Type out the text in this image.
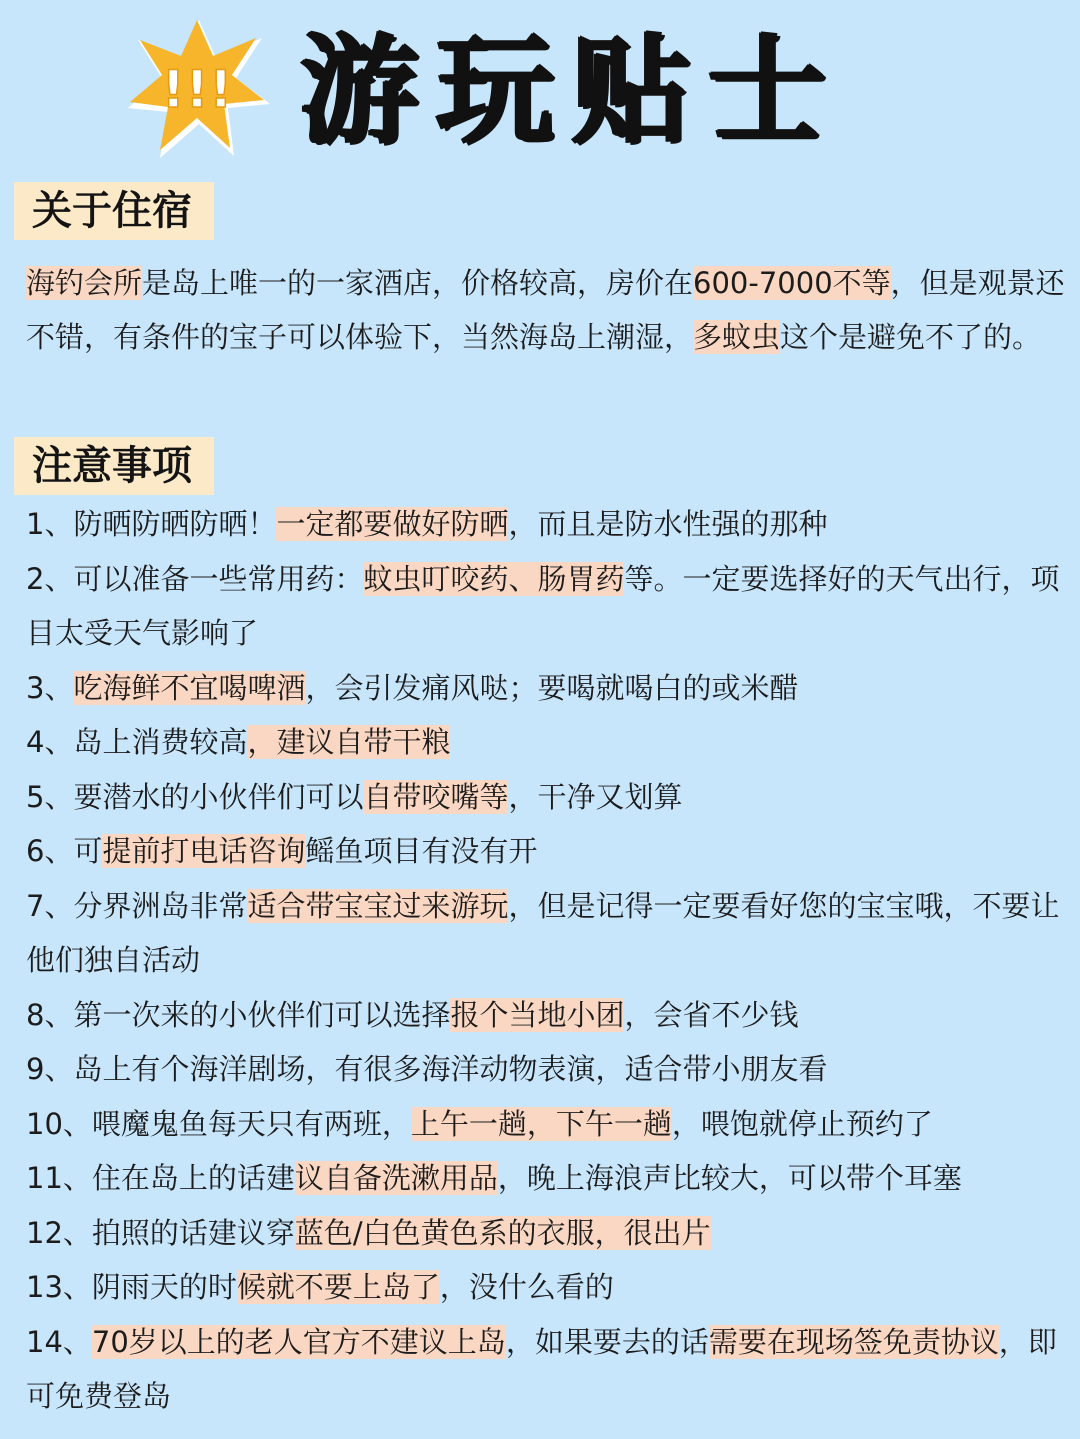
!!! 游玩贴士
关于住宿

海钓会所是岛上唯一的一家酒店，价格较高，房价在600-7000不等，但是观景还不错，有条件的宝子可以体验下，当然海岛上潮湿，多蚊虫这个是避免不了的。

注意事项
1、防晒防晒防晒！一定都要做好防晒，而且是防水性强的那种
2、可以准备一些常用药：蚊虫叮咬药、肠胃药等。一定要选择好的天气出行，项目太受天气影响了
3、吃海鲜不宜喝啤酒，会引发痛风哒；要喝就喝白的或米醋
4、岛上消费较高，建议自带干粮
5、要潜水的小伙伴们可以自带咬嘴等，干净又划算
6、可提前打电话咨询鳐鱼项目有没有开
7、分界洲岛非常适合带宝宝过来游玩，但是记得一定要看好您的宝宝哦，不要让他们独自活动
8、第一次来的小伙伴们可以选择报个当地小团，会省不少钱
9、岛上有个海洋剧场，有很多海洋动物表演，适合带小朋友看
10、喂魔鬼鱼每天只有两班，上午一趟，下午一趟，喂饱就停止预约了
11、住在岛上的话建议自备洗漱用品，晚上海浪声比较大，可以带个耳塞
12、拍照的话建议穿蓝色/白色黄色系的衣服，很出片
13、阴雨天的时候就不要上岛了，没什么看的
14、70岁以上的老人官方不建议上岛，如果要去的话需要在现场签免责协议，即可免费登岛
